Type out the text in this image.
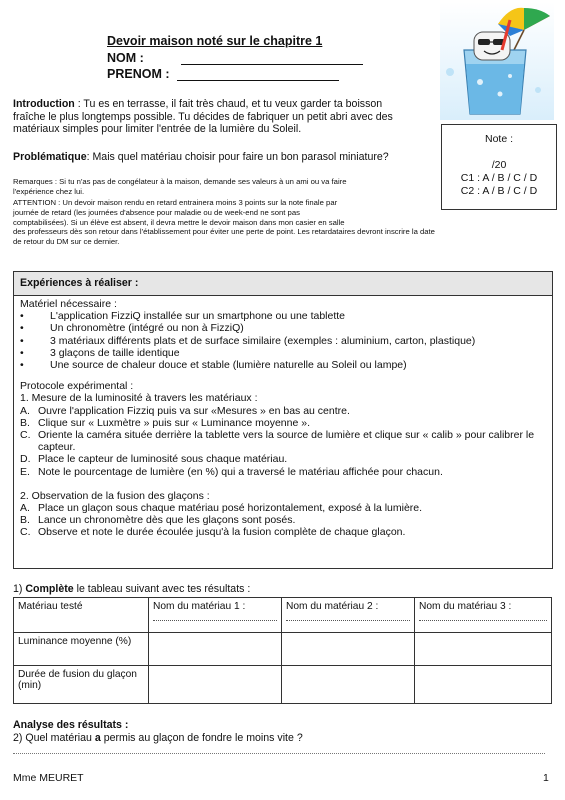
Devoir maison noté sur le chapitre 1
NOM :
PRENOM :
Introduction : Tu es en terrasse, il fait très chaud, et tu veux garder ta boisson
fraîche le plus longtemps possible. Tu décides de fabriquer un petit abri avec des
matériaux simples pour limiter l'entrée de la lumière du Soleil.
Note :
/20
C1 : A / B / C / D
C2 : A / B / C / D
Problématique: Mais quel matériau choisir pour faire un bon parasol miniature?
Remarques : Si tu n'as pas de congélateur à la maison, demande ses valeurs à un ami ou va faire
l'expérience chez lui.
ATTENTION : Un devoir maison rendu en retard entrainera moins 3 points sur la note finale par
journée de retard (les journées d'absence pour maladie ou de week-end ne sont pas
comptabilisées). Si un élève est absent, il devra mettre le devoir maison dans mon casier en salle
des professeurs dès son retour dans l'établissement pour éviter une perte de point. Les retardataires devront inscrire la date
de retour du DM sur ce dernier.
Expériences à réaliser :
Matériel nécessaire :
•	L'application FizziQ installée sur un smartphone ou une tablette
•	Un chronomètre (intégré ou non à FizziQ)
•	3 matériaux différents plats et de surface similaire (exemples : aluminium, carton, plastique)
•	3 glaçons de taille identique
•	Une source de chaleur douce et stable (lumière naturelle au Soleil ou lampe)
Protocole expérimental :
1. Mesure de la luminosité à travers les matériaux :
A. Ouvre l'application Fizziq puis va sur «Mesures » en bas au centre.
B. Clique sur « Luxmètre » puis sur « Luminance moyenne ».
C. Oriente la caméra située derrière la tablette vers la source de lumière et clique sur « calib » pour calibrer le capteur.
D. Place le capteur de luminosité sous chaque matériau.
E. Note le pourcentage de lumière (en %) qui a traversé le matériau affichée pour chacun.
2. Observation de la fusion des glaçons :
A. Place un glaçon sous chaque matériau posé horizontalement, exposé à la lumière.
B. Lance un chronomètre dès que les glaçons sont posés.
C. Observe et note le durée écoulée jusqu'à la fusion complète de chaque glaçon.
1) Complète le tableau suivant avec tes résultats :
Matériau testé	Nom du matériau 1 :	Nom du matériau 2 :	Nom du matériau 3 :

Luminance moyenne (%)			
Durée de fusion du glaçon (min)			
Analyse des résultats :
2) Quel matériau a permis au glaçon de fondre le moins vite ?
Mme MEURET	1
